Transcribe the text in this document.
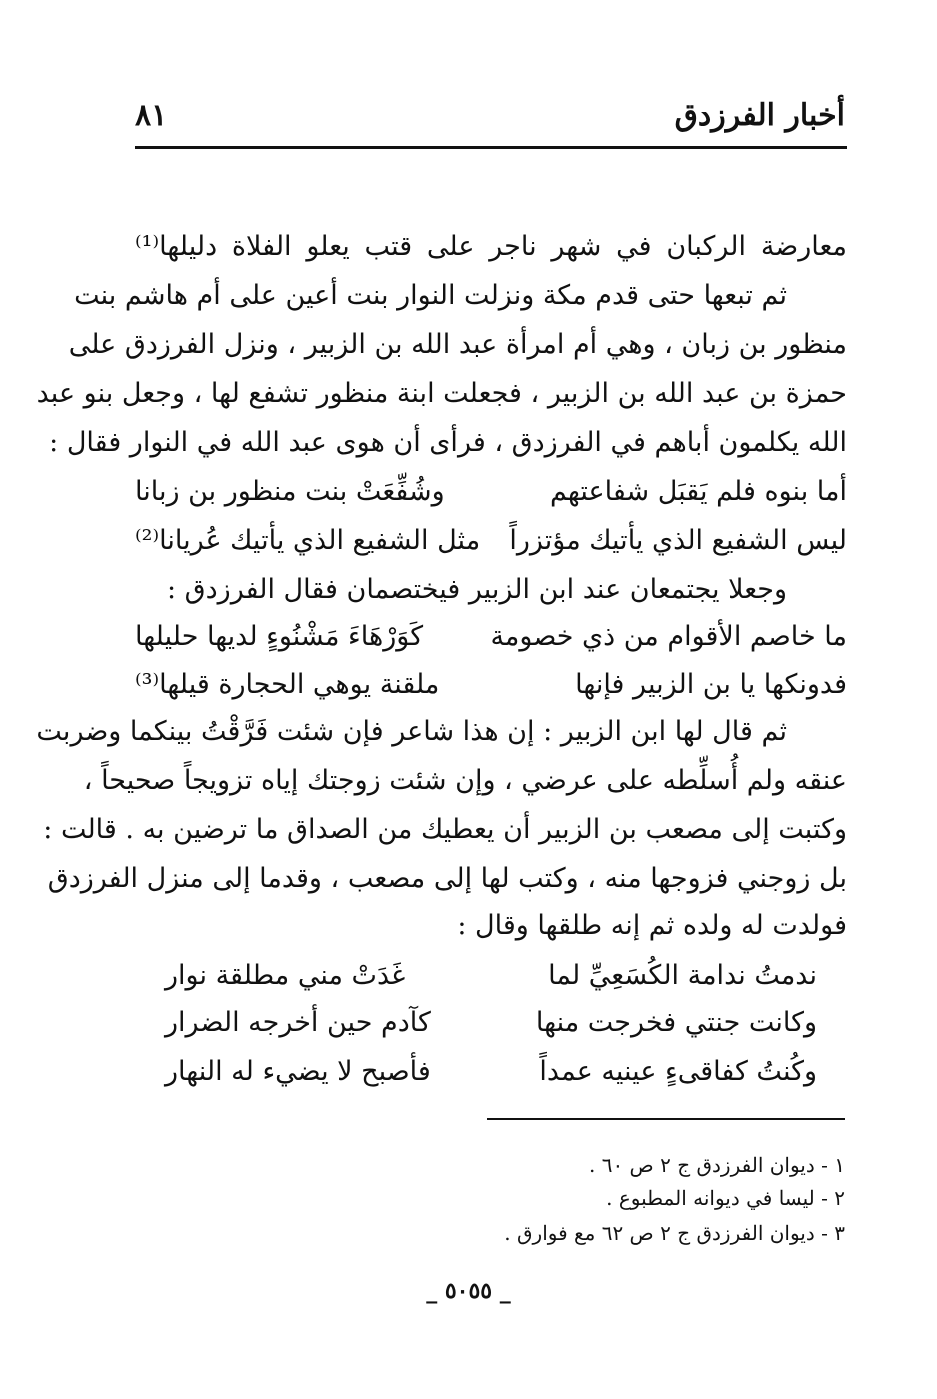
أخبار الفرزدق
٨١
معارضة الركبان في شهر ناجر على قتب يعلو الفلاة دليلها⁽¹⁾
ثم تبعها حتى قدم مكة ونزلت النوار بنت أعين على أم هاشم بنت
منظور بن زبان ، وهي أم امرأة عبد الله بن الزبير ، ونزل الفرزدق على
حمزة بن عبد الله بن الزبير ، فجعلت ابنة منظور تشفع لها ، وجعل بنو عبد
الله يكلمون أباهم في الفرزدق ، فرأى أن هوى عبد الله في النوار فقال :
أما بنوه فلم يَقبَل شفاعتهم
وشُفِّعَتْ بنت منظور بن زبانا
ليس الشفيع الذي يأتيك مؤتزراً
مثل الشفيع الذي يأتيك عُريانا⁽²⁾
وجعلا يجتمعان عند ابن الزبير فيختصمان فقال الفرزدق :
ما خاصم الأقوام من ذي خصومة
كَوَرْهَاءَ مَشْنُوءٍ لديها حليلها
فدونكها يا بن الزبير فإنها
ملقنة يوهي الحجارة قيلها⁽³⁾
ثم قال لها ابن الزبير : إن هذا شاعر فإن شئت فَرَّقْتُ بينكما وضربت
عنقه ولم أُسلِّطه على عرضي ، وإن شئت زوجتك إياه تزويجاً صحيحاً ،
وكتبت إلى مصعب بن الزبير أن يعطيك من الصداق ما ترضين به . قالت :
بل زوجني فزوجها منه ، وكتب لها إلى مصعب ، وقدما إلى منزل الفرزدق
فولدت له ولده ثم إنه طلقها وقال :
ندمتُ ندامة الكُسَعِيِّ لما
غَدَتْ مني مطلقة نوار
وكانت جنتي فخرجت منها
كآدم حين أخرجه الضرار
وكُنتُ كفاقىءٍ عينيه عمداً
فأصبح لا يضيء له النهار
١ - ديوان الفرزدق ج ٢ ص ٦٠ .
٢ - ليسا في ديوانه المطبوع .
٣ - ديوان الفرزدق ج ٢ ص ٦٢ مع فوارق .
_ ٥٠٥٥ _
